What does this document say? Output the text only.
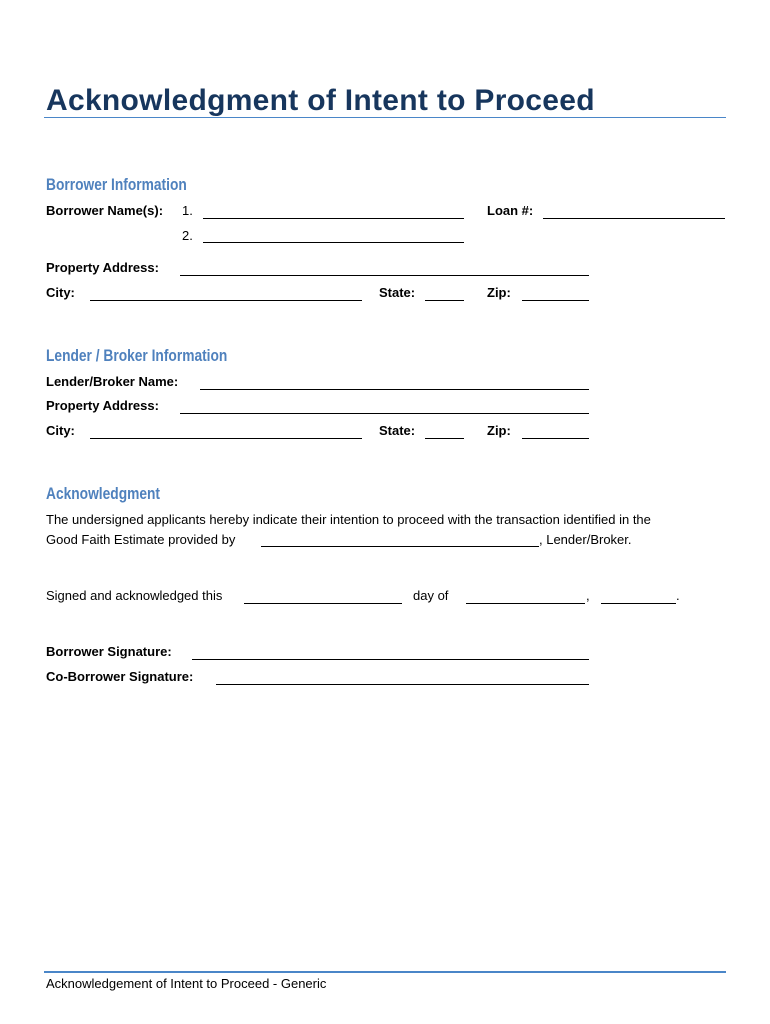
Acknowledgment of Intent to Proceed
Borrower Information
Borrower Name(s): 1.	Loan #:
2.
Property Address:
City:	State:	Zip:
Lender / Broker Information
Lender/Broker Name:
Property Address:
City:	State:	Zip:
Acknowledgment
The undersigned applicants hereby indicate their intention to proceed with the transaction identified in the
Good Faith Estimate provided by	, Lender/Broker.
Signed and acknowledged this	day of	,	.
Borrower Signature:
Co-Borrower Signature:
Acknowledgement of Intent to Proceed - Generic
